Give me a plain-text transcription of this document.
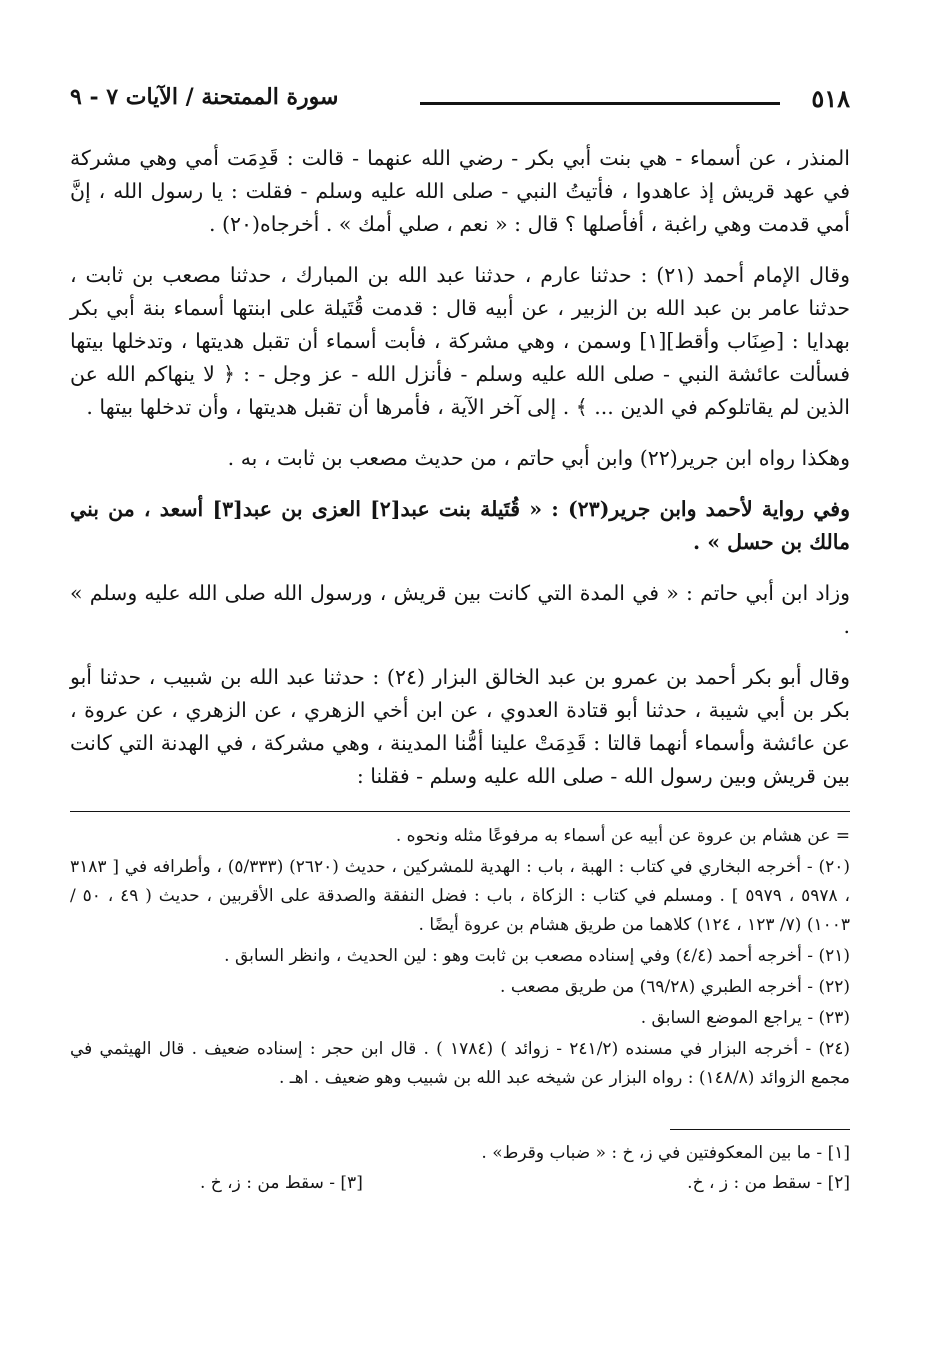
٥١٨
سورة الممتحنة / الآيات ٧ - ٩

المنذر ، عن أسماء - هي بنت أبي بكر - رضي الله عنهما - قالت : قَدِمَت أمي وهي مشركة في عهد قريش إذ عاهدوا ، فأتيتُ النبي - صلى الله عليه وسلم - فقلت : يا رسول الله ، إنَّ أمي قدمت وهي راغبة ، أفأصلها ؟ قال : « نعم ، صلي أمك » . أخرجاه(٢٠) .

وقال الإمام أحمد (٢١) : حدثنا عارم ، حدثنا عبد الله بن المبارك ، حدثنا مصعب بن ثابت ، حدثنا عامر بن عبد الله بن الزبير ، عن أبيه قال : قدمت قُتَيلة على ابنتها أسماء بنة أبي بكر بهدايا : [صِنَاب وأقط][١] وسمن ، وهي مشركة ، فأبت أسماء أن تقبل هديتها ، وتدخلها بيتها فسألت عائشة النبي - صلى الله عليه وسلم - فأنزل الله - عز وجل - : ﴿ لا ينهاكم الله عن الذين لم يقاتلوكم في الدين ... ﴾ . إلى آخر الآية ، فأمرها أن تقبل هديتها ، وأن تدخلها بيتها .

وهكذا رواه ابن جرير(٢٢) وابن أبي حاتم ، من حديث مصعب بن ثابت ، به .

وفي رواية لأحمد وابن جرير(٢٣) : « قُتَيلة بنت عبد[٢] العزى بن عبد[٣] أسعد ، من بني مالك بن حسل » .

وزاد ابن أبي حاتم : « في المدة التي كانت بين قريش ، ورسول الله صلى الله عليه وسلم » .

وقال أبو بكر أحمد بن عمرو بن عبد الخالق البزار (٢٤) : حدثنا عبد الله بن شبيب ، حدثنا أبو بكر بن أبي شيبة ، حدثنا أبو قتادة العدوي ، عن ابن أخي الزهري ، عن الزهري ، عن عروة ، عن عائشة وأسماء أنهما قالتا : قَدِمَتْ علينا أمُّنا المدينة ، وهي مشركة ، في الهدنة التي كانت بين قريش وبين رسول الله - صلى الله عليه وسلم - فقلنا :

= عن هشام بن عروة عن أبيه عن أسماء به مرفوعًا مثله ونحوه .

(٢٠) - أخرجه البخاري في كتاب : الهبة ، باب : الهدية للمشركين ، حديث (٢٦٢٠) (٥/٣٣٣) ، وأطرافه في [ ٣١٨٣ ، ٥٩٧٨ ، ٥٩٧٩ ] . ومسلم في كتاب : الزكاة ، باب : فضل النفقة والصدقة على الأقربين ، حديث ( ٤٩ ، ٥٠ /١٠٠٣) (٧/ ١٢٣ ، ١٢٤) كلاهما من طريق هشام بن عروة أيضًا .

(٢١) - أخرجه أحمد (٤/٤) وفي إسناده مصعب بن ثابت وهو : لين الحديث ، وانظر السابق .

(٢٢) - أخرجه الطبري (٦٩/٢٨) من طريق مصعب .

(٢٣) - يراجع الموضع السابق .

(٢٤) - أخرجه البزار في مسنده (٢٤١/٢ - زوائد ) (١٧٨٤ ) . قال ابن حجر : إسناده ضعيف . قال الهيثمي في مجمع الزوائد (١٤٨/٨) : رواه البزار عن شيخه عبد الله بن شبيب وهو ضعيف . اهـ .

[١] - ما بين المعكوفتين في ز، خ : « ضباب وقرط» .
[٢] - سقط من : ز ، خ.
[٣] - سقط من : ز، خ .
